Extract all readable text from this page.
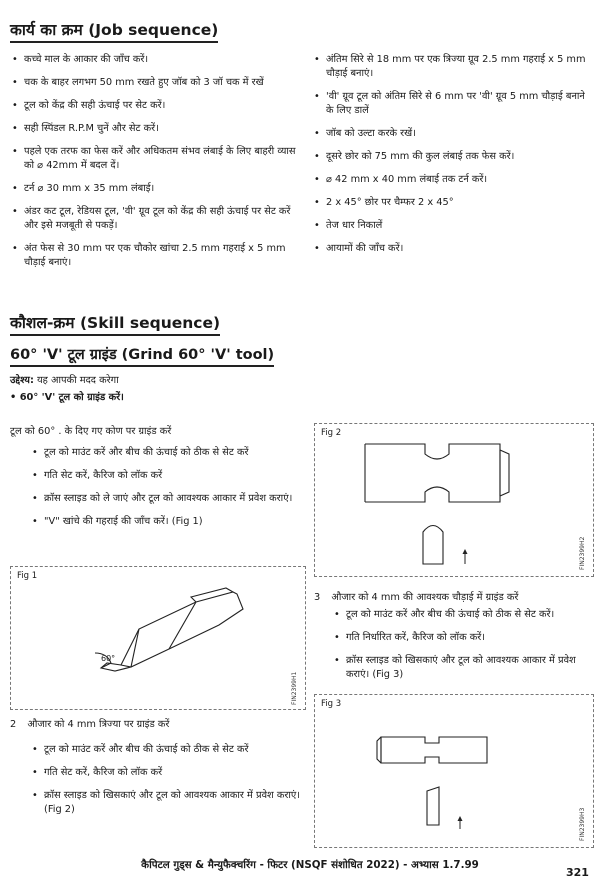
कार्य का क्रम (Job sequence)
• कच्चे माल के आकार की जाँच करें।
• चक के बाहर लगभग 50 mm रखते हुए जॉब को 3 जॉ चक में रखें
• टूल को केंद्र की सही ऊंचाई पर सेट करें।
• सही स्पिंडल R.P.M चुनें और सेट करें।
• पहले एक तरफ का फेस करें और अधिकतम संभव लंबाई के लिए बाहरी व्यास को ⌀ 42mm में बदल दें।
• टर्न ⌀ 30 mm x 35 mm लंबाई।
• अंडर कट टूल, रेडियस टूल, 'वी' ग्रूव टूल को केंद्र की सही ऊंचाई पर सेट करें और इसे मजबूती से पकड़ें।
• अंत फेस से 30 mm पर एक चौकोर खांचा 2.5 mm गहराई x 5 mm चौड़ाई बनाएं।
• अंतिम सिरे से 18 mm पर एक त्रिज्या ग्रूव 2.5 mm गहराई x 5 mm चौड़ाई बनाएं।
• 'वी' ग्रूव टूल को अंतिम सिरे से 6 mm पर 'वी' ग्रूव 5 mm चौड़ाई बनाने के लिए डालें
• जॉब को उल्टा करके रखें।
• दूसरे छोर को 75 mm की कुल लंबाई तक फेस करें।
• ⌀ 42 mm x 40 mm लंबाई तक टर्न करें।
• 2 x 45° छोर पर चैम्फर 2 x 45°
• तेज धार निकालें
• आयामों की जाँच करें।
कौशल-क्रम (Skill sequence)
60° 'V' टूल ग्राइंड (Grind 60° 'V' tool)
उद्देश्य: यह आपकी मदद करेगा
• 60° 'V' टूल को ग्राइंड करें।
टूल को 60° . के दिए गए कोण पर ग्राइंड करें
• टूल को माउंट करें और बीच की ऊंचाई को ठीक से सेट करें
• गति सेट करें, कैरिज को लॉक करें
• क्रॉस स्लाइड को ले जाएं और टूल को आवश्यक आकार में प्रवेश कराएं।
• "V" खांचे की गहराई की जाँच करें। (Fig 1)
Fig 1
60°
FIN2399H1
2 औजार को 4 mm त्रिज्या पर ग्राइंड करें
• टूल को माउंट करें और बीच की ऊंचाई को ठीक से सेट करें
• गति सेट करें, कैरिज को लॉक करें
• क्रॉस स्लाइड को खिसकाएं और टूल को आवश्यक आकार में प्रवेश कराएं। (Fig 2)
Fig 2
FIN2399H2
3 औजार को 4 mm की आवश्यक चौड़ाई में ग्राइंड करें
• टूल को माउंट करें और बीच की ऊंचाई को ठीक से सेट करें।
• गति निर्धारित करें, कैरिज को लॉक करें।
• क्रॉस स्लाइड को खिसकाएं और टूल को आवश्यक आकार में प्रवेश कराएं। (Fig 3)
Fig 3
FIN2399H3
कैपिटल गुड्स & मैन्युफैक्चरिंग - फिटर (NSQF संशोधित 2022) - अभ्यास 1.7.99
321
